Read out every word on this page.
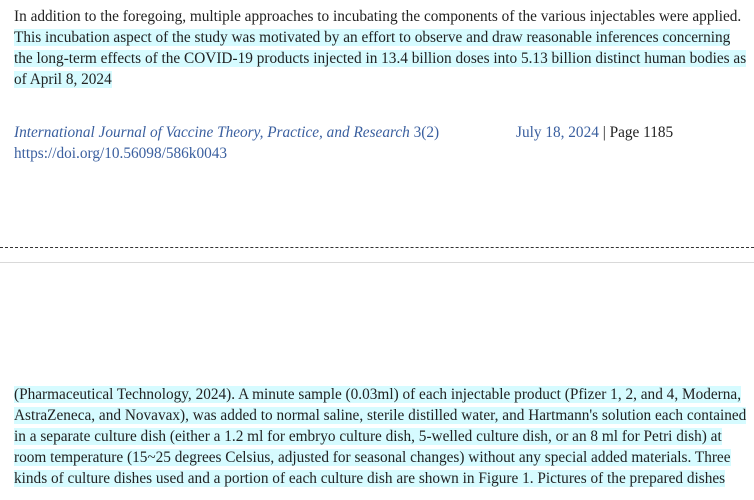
In addition to the foregoing, multiple approaches to incubating the components of the various injectables were applied. This incubation aspect of the study was motivated by an effort to observe and draw reasonable inferences concerning the long-term effects of the COVID-19 products injected in 13.4 billion doses into 5.13 billion distinct human bodies as of April 8, 2024

International Journal of Vaccine Theory, Practice, and Research 3(2)
https://doi.org/10.56098/586k0043
July 18, 2024 | Page 1185

(Pharmaceutical Technology, 2024). A minute sample (0.03ml) of each injectable product (Pfizer 1, 2, and 4, Moderna, AstraZeneca, and Novavax), was added to normal saline, sterile distilled water, and Hartmann's solution each contained in a separate culture dish (either a 1.2 ml for embryo culture dish, 5-welled culture dish, or an 8 ml for Petri dish) at room temperature (15~25 degrees Celsius, adjusted for seasonal changes) without any special added materials. Three kinds of culture dishes used and a portion of each culture dish are shown in Figure 1. Pictures of the prepared dishes
